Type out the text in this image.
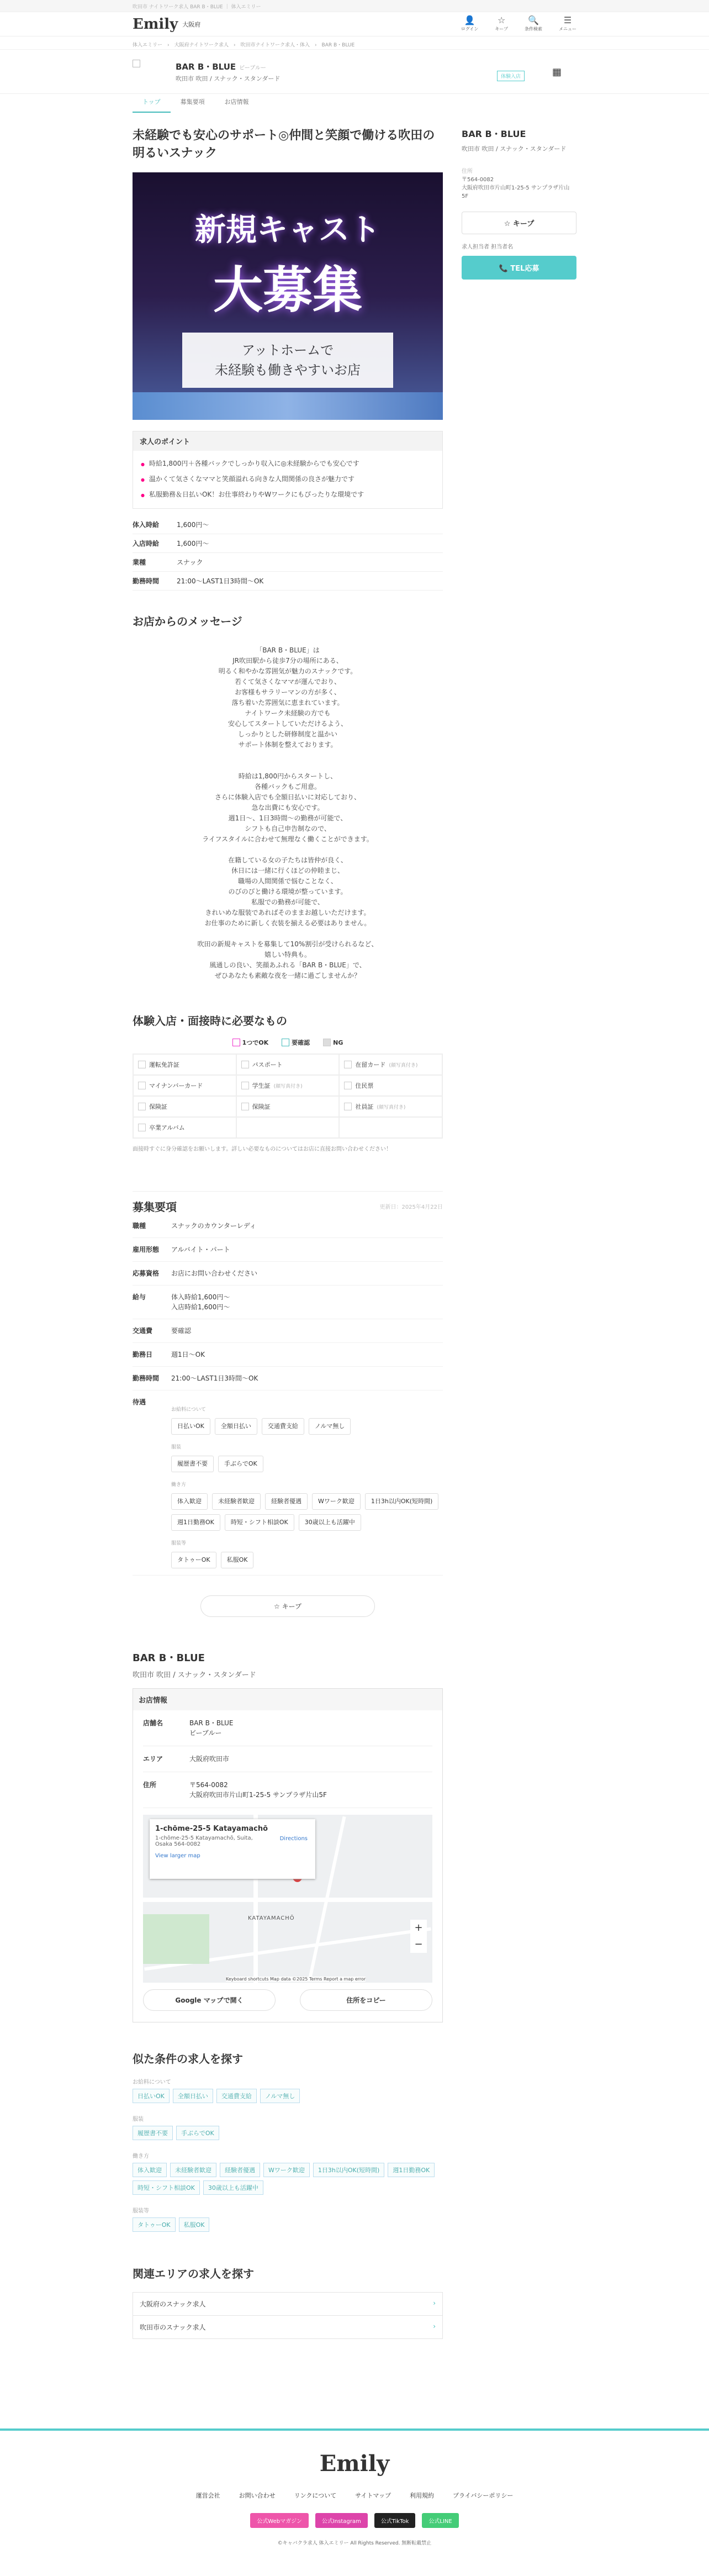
吹田市 ナイトワーク求人 BAR B・BLUE ｜ 体入エミリー
Emily 大阪府	👤
ログイン
☆
キープ
🔍
条件検索
☰
メニュー
体入エミリー　›　大阪府ナイトワーク求人　›　吹田市ナイトワーク求人・体入　›　BAR B・BLUE
BAR B・BLUE ビーブルー
吹田市 吹田 / スナック・スタンダード	体験入店	▦
トップ	募集要項	お店情報
未経験でも安心のサポート◎仲間と笑顔で働ける吹田の明るいスナック
新規キャスト
大募集
アットホームで
未経験も働きやすいお店
求人のポイント
● 時給1,800円＋各種バックでしっかり収入に◎未経験からでも安心です
● 温かくて気さくなママと笑顔溢れる向きな人間関係の良さが魅力です
● 私服勤務＆日払いOK！お仕事終わりやWワークにもぴったりな環境です
体入時給	1,600円〜
入店時給	1,600円〜
業種	スナック
勤務時間	21:00〜LAST1日3時間〜OK
お店からのメッセージ
「BAR B・BLUE」は
JR吹田駅から徒歩7分の場所にある、
明るく和やかな雰囲気が魅力のスナックです。
若くて気さくなママが運んでおり、
お客様もサラリーマンの方が多く、
落ち着いた雰囲気に恵まれています。
ナイトワーク未経験の方でも
安心してスタートしていただけるよう、
しっかりとした研修制度と温かい
サポート体制を整えております。

時給は1,800円からスタートし、
各種バックもご用意。
さらに体験入店でも全額日払いに対応しており、
急な出費にも安心です。
週1日〜、1日3時間〜の勤務が可能で、
シフトも自己申告制なので、
ライフスタイルに合わせて無理なく働くことができます。

在籍している女の子たちは皆仲が良く、
休日には一緒に行くほどの仲睦まじ、
職場の人間関係で悩むことなく、
のびのびと働ける環境が整っています。
私服での勤務が可能で、
きれいめな服装であればそのままお越しいただけます。
お仕事のために新しく衣装を揃える必要はありません。

吹田の新規キャストを募集して10%割引が受けられるなど、
嬉しい特典も。
風通しの良い、笑顔あふれる「BAR B・BLUE」で、
ぜひあなたも素敵な夜を一緒に過ごしませんか？
体験入店・面接時に必要なもの
1つでOK	要確認	NG
運転免許証	パスポート	在留カード (顔写真付き)
マイナンバーカード	学生証 (顔写真付き)	住民票
保険証	保険証	社員証 (顔写真付き)
卒業アルバム
面接時すぐに身分確認をお願いします。詳しい必要なものについてはお店に直接お問い合わせください！
募集要項	更新日：2025年4月22日
職種	スナックのカウンターレディ
雇用形態	アルバイト・パート
応募資格	お店にお問い合わせください
給与	体入時給1,600円〜
入店時給1,600円〜
交通費	要確認
勤務日	週1日〜OK
勤務時間	21:00〜LAST1日3時間〜OK
待遇
お給料について
日払いOK	全額日払い	交通費支給	ノルマ無し
服装
履歴書不要	手ぶらでOK
働き方
体入歓迎	未経験者歓迎	経験者優遇	Wワーク歓迎	1日3h以内OK(短時間)
週1日勤務OK	時短・シフト相談OK	30歳以上も活躍中
服装等
タトゥーOK	私服OK
☆ キープ
BAR B・BLUE
吹田市 吹田 / スナック・スタンダード
お店情報
店舗名	BAR B・BLUE
ビーブルー
エリア	大阪府吹田市
住所	〒564-0082
大阪府吹田市片山町1-25-5 サンプラザ片山5F
KATAYAMACHŌ
1-chōme-25-5 Katayamachō
1-chōme-25-5 Katayamachō, Suita,
Osaka 564-0082
Directions
View larger map
+
−
Keyboard shortcuts Map data ©2025 Terms Report a map error
Google マップで開く	住所をコピー
似た条件の求人を探す
お給料について
日払いOK	全額日払い	交通費支給	ノルマ無し
服装
履歴書不要	手ぶらでOK
働き方
体入歓迎	未経験者歓迎	経験者優遇	Wワーク歓迎	1日3h以内OK(短時間)	週1日勤務OK
時短・シフト相談OK	30歳以上も活躍中
服装等
タトゥーOK	私服OK
関連エリアの求人を探す
大阪府のスナック求人	›
吹田市のスナック求人	›
BAR B・BLUE
吹田市 吹田 / スナック・スタンダード
住所
〒564-0082
大阪府吹田市片山町1-25-5 サンプラザ片山
5F
☆ キープ
求人担当者 担当者名
📞 TEL応募
Emily
運営会社	お問い合わせ	リンクについて	サイトマップ	利用規約	プライバシーポリシー
公式Webマガジン	公式Instagram	公式TikTok	公式LINE
©キャバクラ求人 体入エミリー All Rights Reserved. 無断転載禁止
